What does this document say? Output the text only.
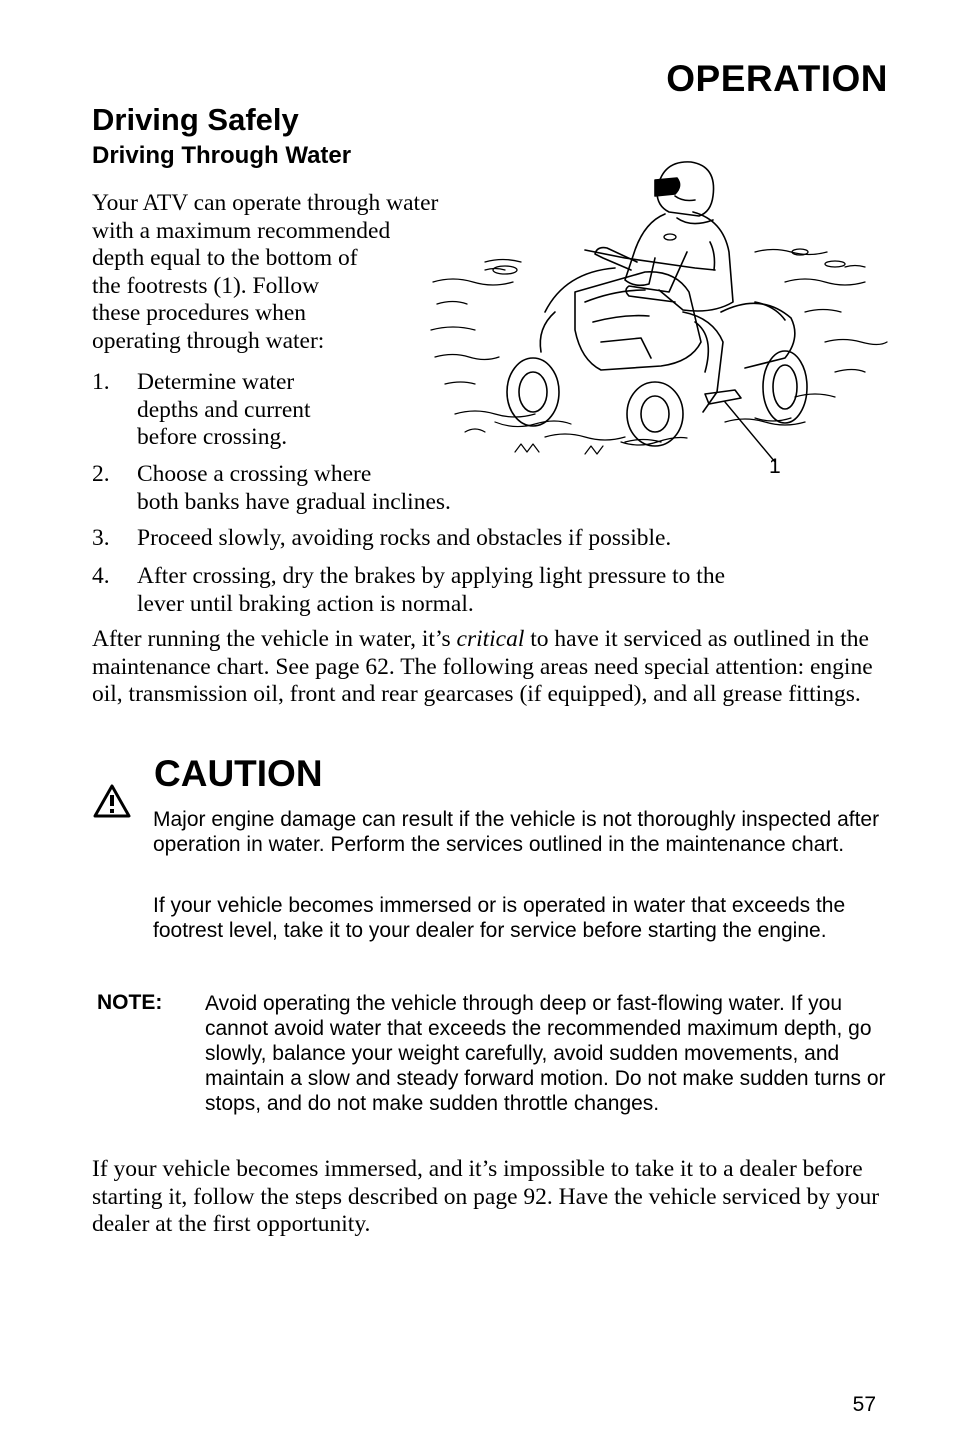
OPERATION
Driving Safely
Driving Through Water
Your ATV can operate through water
with a maximum recommended
depth equal to the bottom of
the footrests (1). Follow
these procedures when
operating through water:
1. Determine water
depths and current
before crossing.
2. Choose a crossing where
both banks have gradual inclines.
3. Proceed slowly, avoiding rocks and obstacles if possible.
4. After crossing, dry the brakes by applying light pressure to the
lever until braking action is normal.
After running the vehicle in water, it’s critical to have it serviced as outlined in the maintenance chart. See page 62. The following areas need special attention: engine oil, transmission oil, front and rear gearcases (if equipped), and all grease fittings.
CAUTION
Major engine damage can result if the vehicle is not thoroughly inspected after operation in water. Perform the services outlined in the maintenance chart.
If your vehicle becomes immersed or is operated in water that exceeds the footrest level, take it to your dealer for service before starting the engine.
NOTE: Avoid operating the vehicle through deep or fast-flowing water. If you cannot avoid water that exceeds the recommended maximum depth, go slowly, balance your weight carefully, avoid sudden movements, and maintain a slow and steady forward motion. Do not make sudden turns or stops, and do not make sudden throttle changes.
If your vehicle becomes immersed, and it’s impossible to take it to a dealer before starting it, follow the steps described on page 92. Have the vehicle serviced by your dealer at the first opportunity.
57
1
